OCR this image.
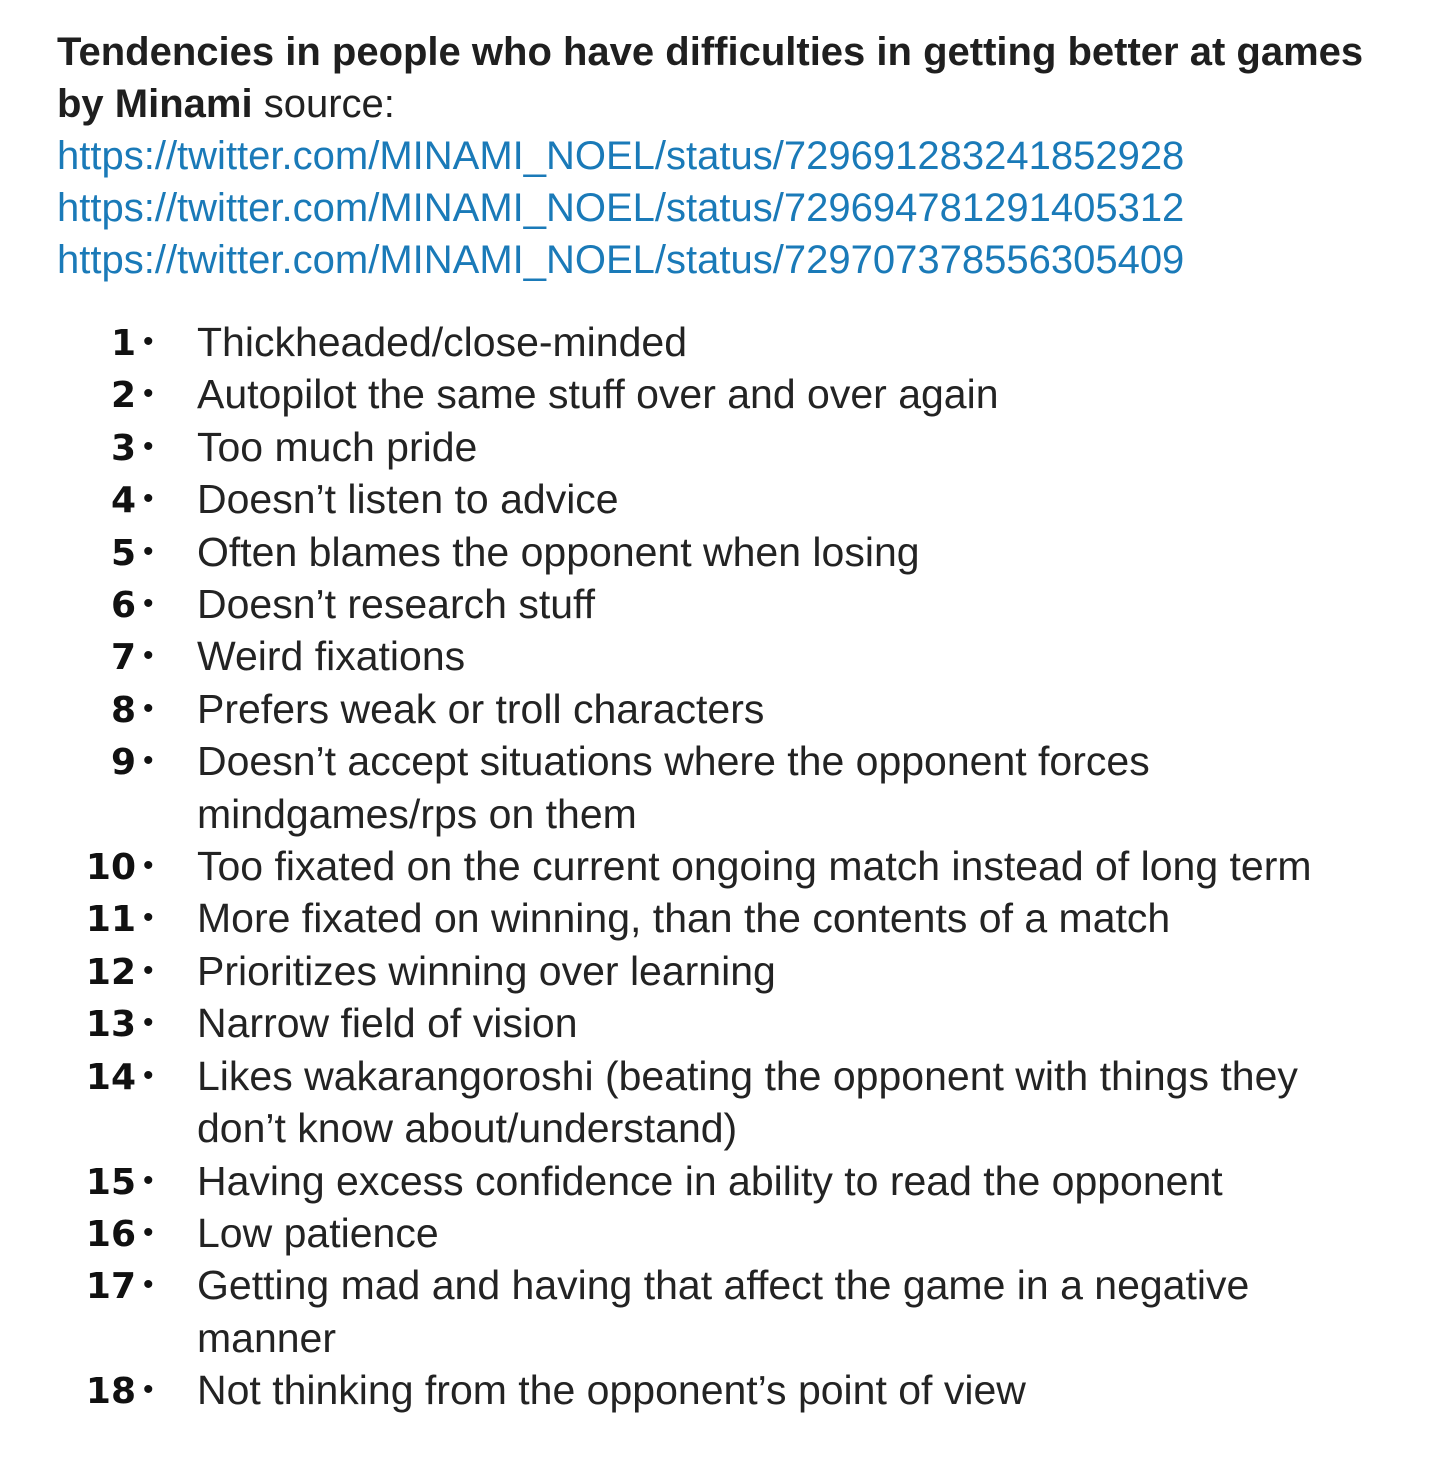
Tendencies in people who have difficulties in getting better at games by Minami source:
https://twitter.com/MINAMI_NOEL/status/729691283241852928
https://twitter.com/MINAMI_NOEL/status/729694781291405312
https://twitter.com/MINAMI_NOEL/status/729707378556305409
1 • Thickheaded/close-minded
2 • Autopilot the same stuff over and over again
3 • Too much pride
4 • Doesn’t listen to advice
5 • Often blames the opponent when losing
6 • Doesn’t research stuff
7 • Weird fixations
8 • Prefers weak or troll characters
9 • Doesn’t accept situations where the opponent forces mindgames/rps on them
10 • Too fixated on the current ongoing match instead of long term
11 • More fixated on winning, than the contents of a match
12 • Prioritizes winning over learning
13 • Narrow field of vision
14 • Likes wakarangoroshi (beating the opponent with things they don’t know about/understand)
15 • Having excess confidence in ability to read the opponent
16 • Low patience
17 • Getting mad and having that affect the game in a negative manner
18 • Not thinking from the opponent’s point of view
